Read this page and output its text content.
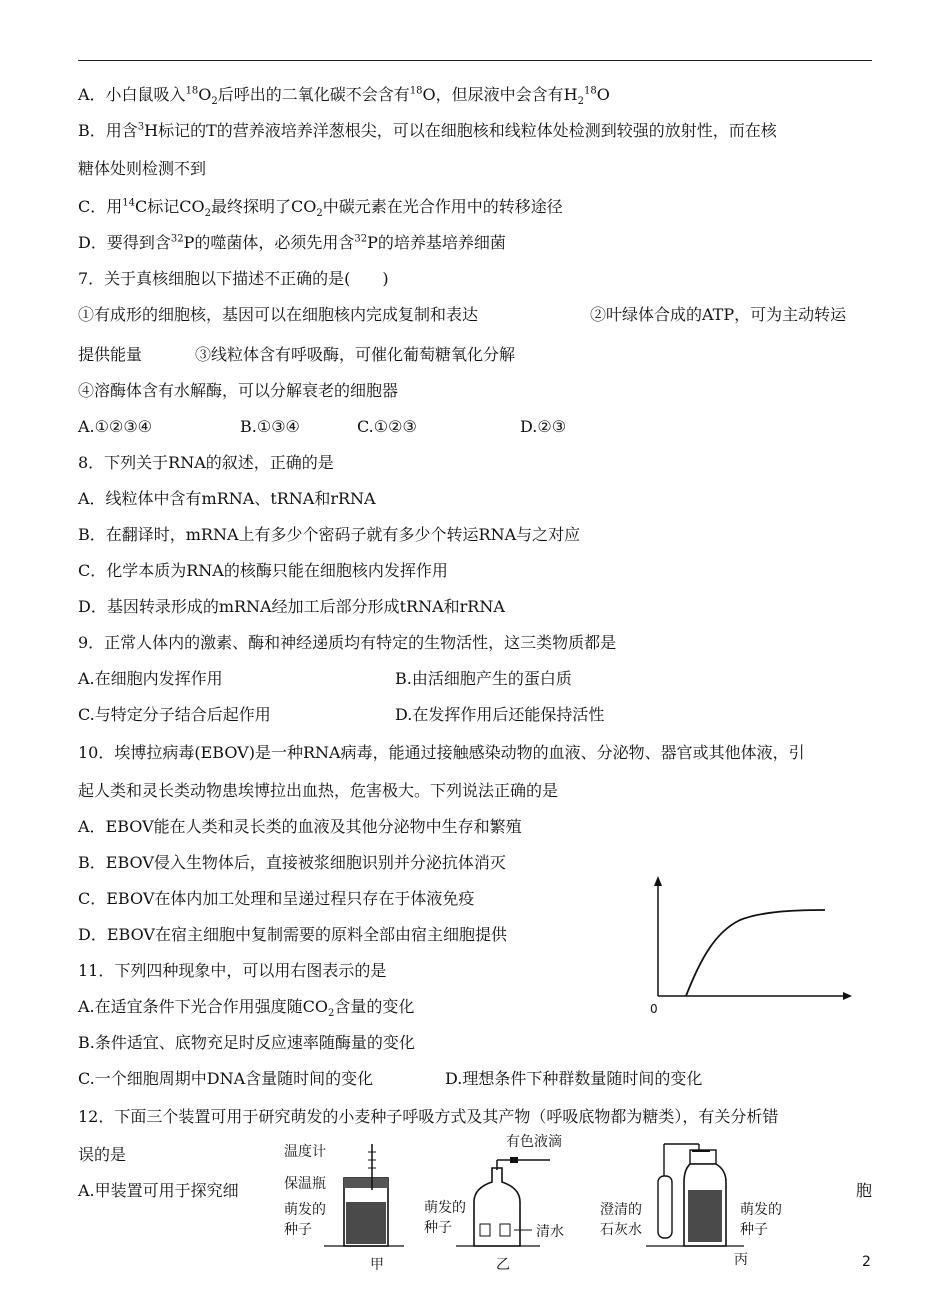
A．小白鼠吸入$^{18}O_2$后呼出的二氧化碳不会含有$^{18}$O，但尿液中会含有$H_2^{18}O$
B．用含$^3$H标记的T的营养液培养洋葱根尖，可以在细胞核和线粒体处检测到较强的放射性，而在核
糖体处则检测不到
C．用$^{14}$C标记$CO_2$最终探明了$CO_2$中碳元素在光合作用中的转移途径
D．要得到含$^{32}$P的噬菌体，必须先用含$^{32}$P的培养基培养细菌
7．关于真核细胞以下描述不正确的是(　　)
①有成形的细胞核，基因可以在细胞核内完成复制和表达	②叶绿体合成的ATP，可为主动转运
提供能量	③线粒体含有呼吸酶，可催化葡萄糖氧化分解
④溶酶体含有水解酶，可以分解衰老的细胞器
A.①②③④	B.①③④	C.①②③	D.②③
8．下列关于RNA的叙述，正确的是
A．线粒体中含有mRNA、tRNA和rRNA
B．在翻译时，mRNA上有多少个密码子就有多少个转运RNA与之对应
C．化学本质为RNA的核酶只能在细胞核内发挥作用
D．基因转录形成的mRNA经加工后部分形成tRNA和rRNA
9．正常人体内的激素、酶和神经递质均有特定的生物活性，这三类物质都是
A.在细胞内发挥作用	B.由活细胞产生的蛋白质
C.与特定分子结合后起作用	D.在发挥作用后还能保持活性
10．埃博拉病毒(EBOV)是一种RNA病毒，能通过接触感染动物的血液、分泌物、器官或其他体液，引
起人类和灵长类动物患埃博拉出血热，危害极大。下列说法正确的是
A．EBOV能在人类和灵长类的血液及其他分泌物中生存和繁殖
B．EBOV侵入生物体后，直接被浆细胞识别并分泌抗体消灭
C．EBOV在体内加工处理和呈递过程只存在于体液免疫
D．EBOV在宿主细胞中复制需要的原料全部由宿主细胞提供
11．下列四种现象中，可以用右图表示的是
A.在适宜条件下光合作用强度随$CO_2$含量的变化
B.条件适宜、底物充足时反应速率随酶量的变化
C.一个细胞周期中DNA含量随时间的变化	D.理想条件下种群数量随时间的变化
0
12．下面三个装置可用于研究萌发的小麦种子呼吸方式及其产物（呼吸底物都为糖类），有关分析错
误的是
A.甲装置可用于探究细	胞
温度计
保温瓶
萌发的
种子
甲
有色液滴
萌发的
种子	清水
乙
澄清的
石灰水
萌发的
种子
丙	2
